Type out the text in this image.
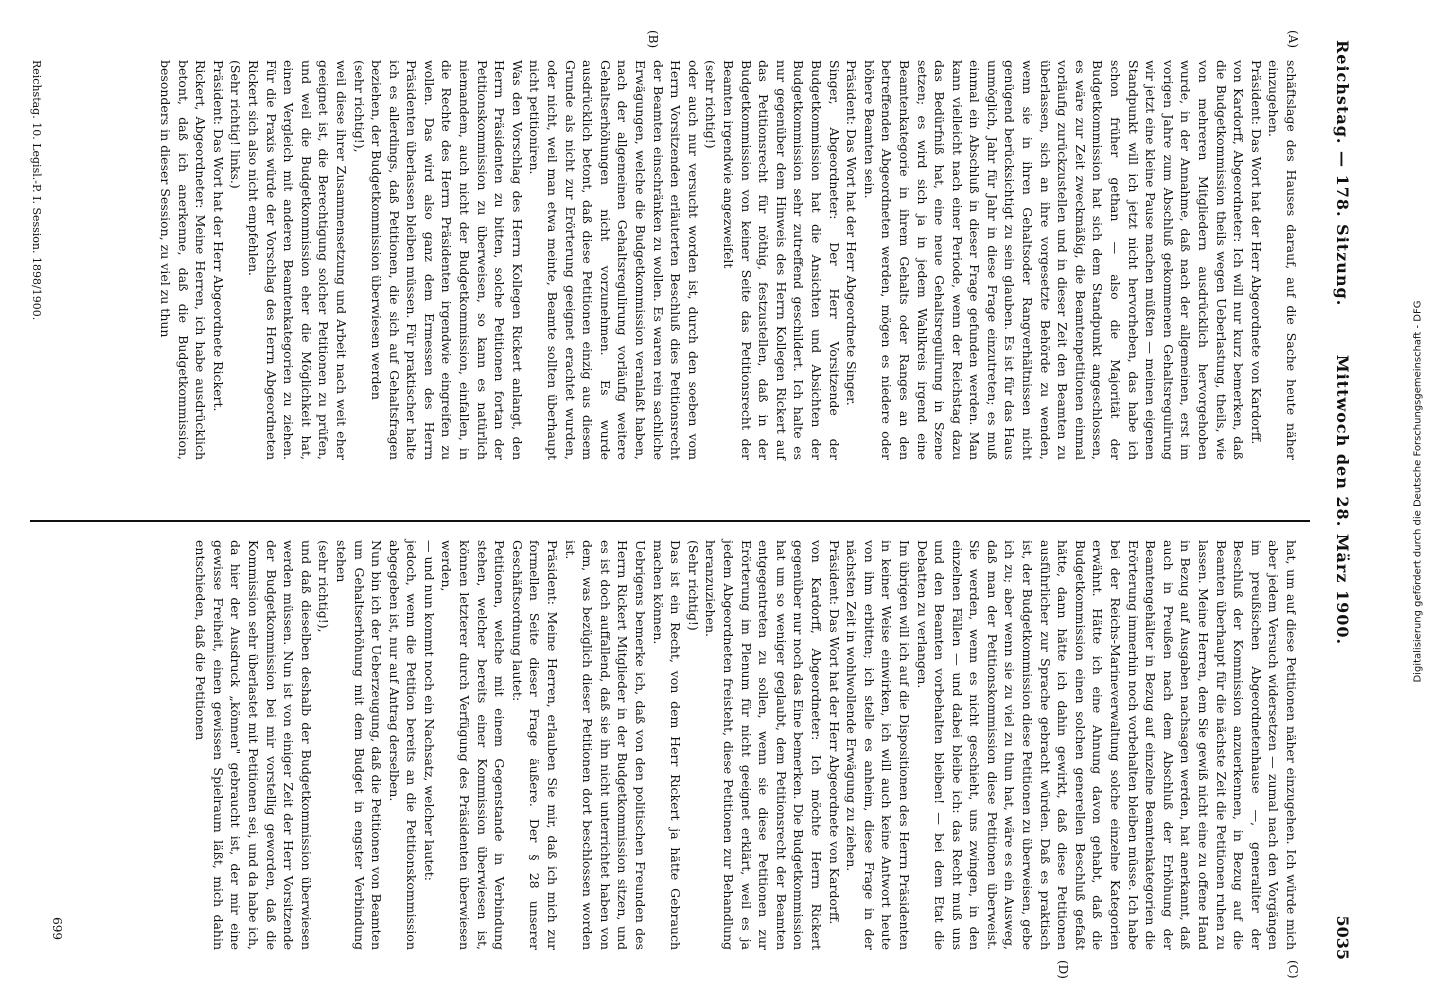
Reichstag. — 178. Sitzung.
Mittwoch den 28. März 1900.
5035
(A)
(B)
(C)
(D)
schäftslage des Hauses darauf, auf die Sache heute näher einzugehen.
Präsident: Das Wort hat der Herr Abgeordnete von Kardorff.
von Kardorff, Abgeordneter: Ich will nur kurz bemerken, daß die Budgetkommission theils wegen Ueberlastung, theils, wie von mehreren Mitgliedern ausdrücklich hervorgehoben wurde, in der Annahme, daß nach der allgemeinen, erst im vorigen Jahre zum Abschluß gekommenen Gehaltsregulirung wir jetzt eine kleine Pause machen müßten — meinen eigenen Standpunkt will ich jetzt nicht hervorheben, das habe ich schon früher gethan — also die Majorität der Budgetkommission hat sich dem Standpunkt angeschlossen, es wäre zur Zeit zweckmäßig, die Beamtenpetitionen einmal vorläufig zurückzustellen und in dieser Zeit den Beamten zu überlassen, sich an ihre vorgesetzte Behörde zu wenden, wenn sie in ihren Gehaltsoder Rangverhältnissen nicht genügend berücksichtigt zu sein glauben. Es ist für das Haus unmöglich, Jahr für Jahr in diese Frage einzutreten; es muß einmal ein Abschluß in dieser Frage gefunden werden. Man kann vielleicht nach einer Periode, wenn der Reichstag dazu das Bedürfniß hat, eine neue Gehaltsregulirung in Szene setzen; es wird sich ja in jedem Wahlkreis irgend eine Beamtenkategorie in ihrem Gehalts oder Ranges an den betreffenden Abgeordneten werden, mögen es niedere oder höhere Beamten sein.
Präsident: Das Wort hat der Herr Abgeordnete Singer.
Singer, Abgeordneter: Der Herr Vorsitzende der Budgetkommission hat die Ansichten und Absichten der Budgetkommission sehr zutreffend geschildert. Ich halte es nur gegenüber dem Hinweis des Herrn Kollegen Rickert auf das Petitionsrecht für nöthig, festzustellen, daß in der Budgetkommission von keiner Seite das Petitionsrecht der Beamten irgendwie angezweifelt
(sehr richtig!)
oder auch nur versucht worden ist, durch den soeben vom Herrn Vorsitzenden erläuterten Beschluß dies Petitionsrecht der Beamten einschränken zu wollen. Es waren rein sachliche Erwägungen, welche die Budgetkommission veranlaßt haben, nach der allgemeinen Gehaltsregulirung vorläufig weitere Gehaltserhöhungen nicht vorzunehmen. Es wurde ausdrücklich betont, daß diese Petitionen einzig aus diesem Grunde als nicht zur Erörterung geeignet erachtet wurden, oder nicht, weil man etwa meinte, Beamte sollten überhaupt nicht petitioniren.
Was den Vorschlag des Herrn Kollegen Rickert anlangt, den Herrn Präsidenten zu bitten, solche Petitionen fortan der Petitionskommission zu überweisen, so kann es natürlich niemandem, auch nicht der Budgetkommission, einfallen, in die Rechte des Herrn Präsidenten irgendwie eingreifen zu wollen. Das wird also ganz dem Ermessen des Herrn Präsidenten überlassen bleiben müssen. Für praktischer halte ich es allerdings, daß Petitionen, die sich auf Gehaltsfragen beziehen, der Budgetkommission überwiesen werden
(sehr richtig!),
weil diese ihrer Zusammensetzung und Arbeit nach weit eher geeignet ist, die Berechtigung solcher Petitionen zu prüfen, und weil die Budgetkommission eher die Möglichkeit hat, einen Vergleich mit anderen Beamtenkategorien zu ziehen. Für die Praxis würde der Vorschlag des Herrn Abgeordneten Rickert sich also nicht empfehlen.
(Sehr richtig! links.)
Präsident: Das Wort hat der Herr Abgeordnete Rickert.
Rickert, Abgeordneter: Meine Herren, ich habe ausdrücklich betont, daß ich anerkenne, daß die Budgetkommission, besonders in dieser Session, zu viel zu thun
hat, um auf diese Petitionen näher einzugehen. Ich würde mich aber jedem Versuch widersetzen — zumal nach den Vorgängen im preußischen Abgeordnetenhause —, generaliter der Beschluß der Kommission anzuerkennen, in Bezug auf die Beamten überhaupt für die nächste Zeit die Petitionen ruhen zu lassen. Meine Herren, dem Sie gewiß nicht eine zu offene Hand in Bezug auf Ausgaben nachsagen werden, hat anerkannt, daß auch in Preußen nach dem Abschluß der Erhöhung der Beamtengehälter in Bezug auf einzelne Beamtenkategorien die Erörterung immerhin noch vorbehalten bleiben müsse. Ich habe bei der Reichs-Marineverwaltung solche einzelne Kategorien erwähnt. Hätte ich eine Ahnung davon gehabt, daß die Budgetkommission einen solchen generellen Beschluß gefaßt hätte, dann hätte ich dahin gewirkt, daß diese Petitionen ausführlicher zur Sprache gebracht würden. Daß es praktisch ist, der Budgetkommission diese Petitionen zu überweisen, gebe ich zu; aber wenn sie zu viel zu thun hat, wäre es ein Ausweg, daß man der Petitionskommission diese Petitionen überweist. Sie werden, wenn es nicht geschieht, uns zwingen, in den einzelnen Fällen — und dabei bleibe ich: das Recht muß uns und den Beamten vorbehalten bleiben! — bei dem Etat die Debatten zu verlangen.
Im übrigen will ich auf die Dispositionen des Herrn Präsidenten in keiner Weise einwirken, ich will auch keine Antwort heute von ihm erbitten; ich stelle es anheim, diese Frage in der nächsten Zeit in wohlwollende Erwägung zu ziehen.
Präsident: Das Wort hat der Herr Abgeordnete von Kardorff.
von Kardorff, Abgeordneter: Ich möchte Herrn Rickert gegenüber nur noch das Eine bemerken. Die Budgetkommission hat um so weniger geglaubt, dem Petitionsrecht der Beamten entgegentreten zu sollen, wenn sie diese Petitionen zur Erörterung im Plenum für nicht geeignet erklärt, weil es ja jedem Abgeordneten freisteht, diese Petitionen zur Behandlung heranzuziehen.
(Sehr richtig!)
Das ist ein Recht, von dem Herr Rickert ja hätte Gebrauch machen können.
Uebrigens bemerke ich, daß von den politischen Freunden des Herrn Rickert Mitglieder in der Budgetkommission sitzen, und es ist doch auffallend, daß sie ihn nicht unterrichtet haben von dem, was bezüglich dieser Petitionen dort beschlossen worden ist.
Präsident: Meine Herren, erlauben Sie mir, daß ich mich zur formellen Seite dieser Frage äußere. Der § 28 unserer Geschäftsordnung lautet:
Petitionen, welche mit einem Gegenstande in Verbindung stehen, welcher bereits einer Kommission überwiesen ist, können letzterer durch Verfügung des Präsidenten überwiesen werden,
— und nun kommt noch ein Nachsatz, welcher lautet:
jedoch, wenn die Petition bereits an die Petitionskommission abgegeben ist, nur auf Antrag derselben.
Nun bin ich der Ueberzeugung, daß die Petitionen von Beamten um Gehaltserhöhung mit dem Budget in engster Verbindung stehen
(sehr richtig!),
und daß dieselben deshalb der Budgetkommission überwiesen werden müssen. Nun ist von einiger Zeit der Herr Vorsitzende der Budgetkommission bei mir vorstellig geworden, daß die Kommission sehr überlastet mit Petitionen sei, und da habe ich, da hier der Ausdruck „können" gebraucht ist, der mir eine gewisse Freiheit, einen gewissen Spielraum läßt, mich dahin entschieden, daß die Petitionen
Reichstag. 10. Legisl.-P. I. Session. 1898/1900.
699
Digitalisierung gefördert durch die Deutsche Forschungsgemeinschaft - DFG
